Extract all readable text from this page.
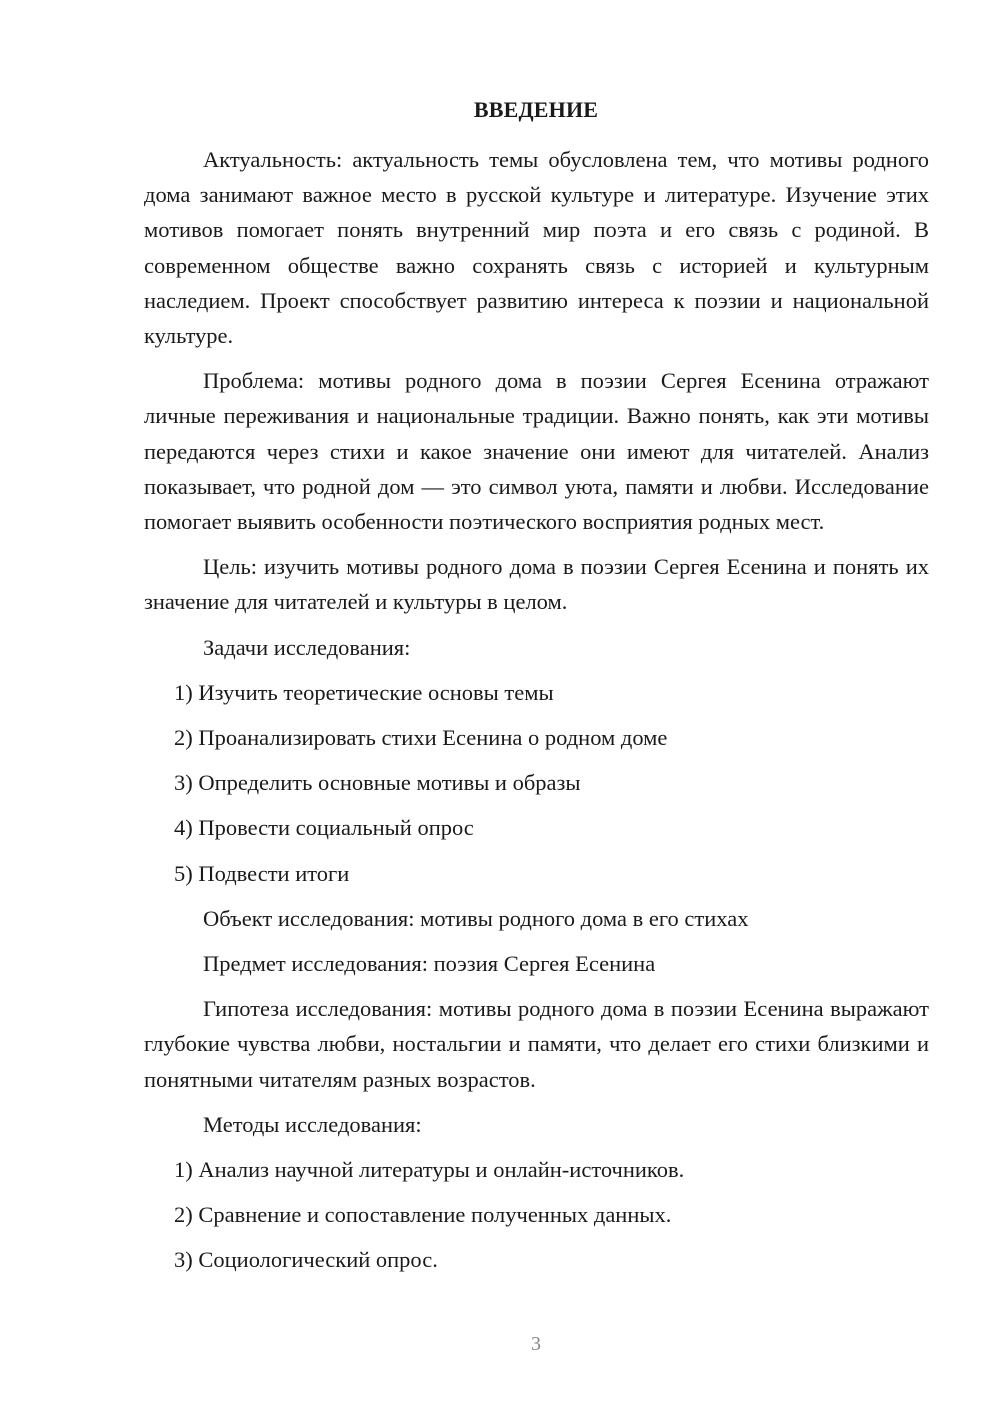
ВВЕДЕНИЕ

Актуальность: актуальность темы обусловлена тем, что мотивы родного дома занимают важное место в русской культуре и литературе. Изучение этих мотивов помогает понять внутренний мир поэта и его связь с родиной. В современном обществе важно сохранять связь с историей и культурным наследием. Проект способствует развитию интереса к поэзии и национальной культуре.

Проблема: мотивы родного дома в поэзии Сергея Есенина отражают личные переживания и национальные традиции. Важно понять, как эти мотивы передаются через стихи и какое значение они имеют для читателей. Анализ показывает, что родной дом — это символ уюта, памяти и любви. Исследование помогает выявить особенности поэтического восприятия родных мест.

Цель: изучить мотивы родного дома в поэзии Сергея Есенина и понять их значение для читателей и культуры в целом.

Задачи исследования:

1) Изучить теоретические основы темы

2) Проанализировать стихи Есенина о родном доме

3) Определить основные мотивы и образы

4) Провести социальный опрос

5) Подвести итоги

Объект исследования: мотивы родного дома в его стихах

Предмет исследования: поэзия Сергея Есенина

Гипотеза исследования: мотивы родного дома в поэзии Есенина выражают глубокие чувства любви, ностальгии и памяти, что делает его стихи близкими и понятными читателям разных возрастов.

Методы исследования:

1) Анализ научной литературы и онлайн-источников.

2) Сравнение и сопоставление полученных данных.

3) Социологический опрос.

3
